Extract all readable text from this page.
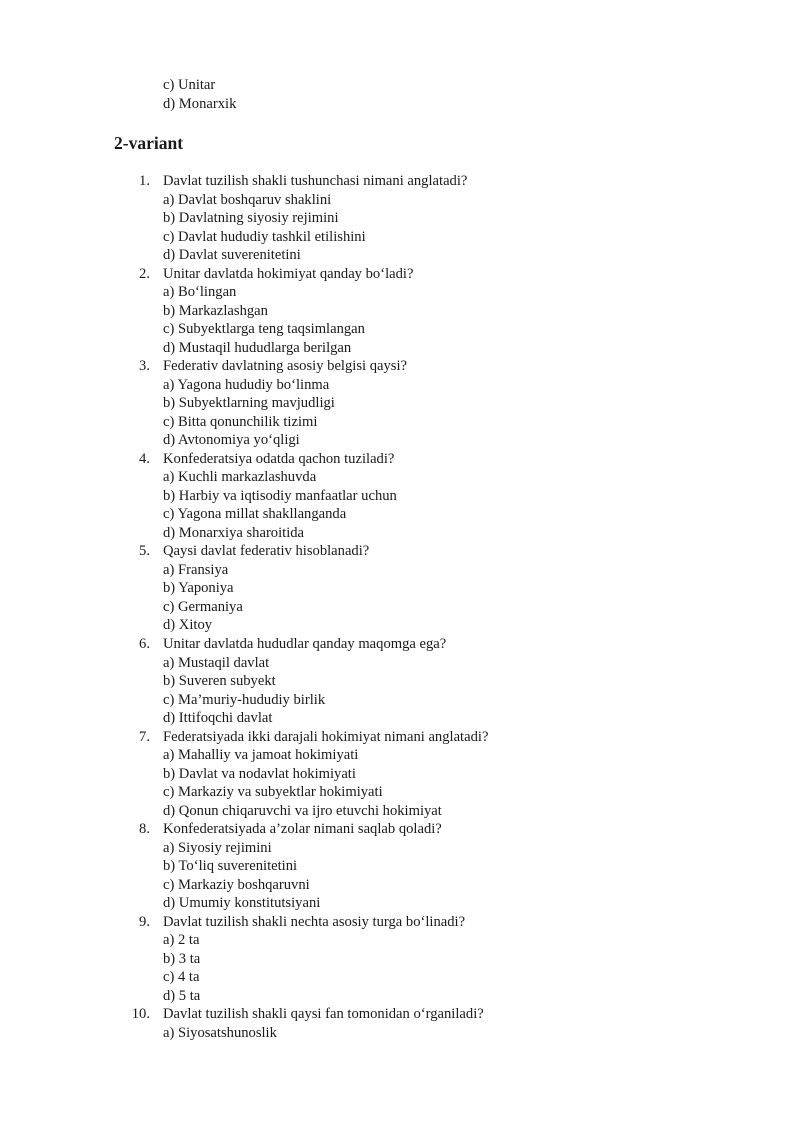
c) Unitar
d) Monarxik
2-variant
1. Davlat tuzilish shakli tushunchasi nimani anglatadi?
a) Davlat boshqaruv shaklini
b) Davlatning siyosiy rejimini
c) Davlat hududiy tashkil etilishini
d) Davlat suverenitetini
2. Unitar davlatda hokimiyat qanday boʻladi?
a) Boʻlingan
b) Markazlashgan
c) Subyektlarga teng taqsimlangan
d) Mustaqil hududlarga berilgan
3. Federativ davlatning asosiy belgisi qaysi?
a) Yagona hududiy boʻlinma
b) Subyektlarning mavjudligi
c) Bitta qonunchilik tizimi
d) Avtonomiya yoʻqligi
4. Konfederatsiya odatda qachon tuziladi?
a) Kuchli markazlashuvda
b) Harbiy va iqtisodiy manfaatlar uchun
c) Yagona millat shakllanganda
d) Monarxiya sharoitida
5. Qaysi davlat federativ hisoblanadi?
a) Fransiya
b) Yaponiya
c) Germaniya
d) Xitoy
6. Unitar davlatda hududlar qanday maqomga ega?
a) Mustaqil davlat
b) Suveren subyekt
c) Ma’muriy-hududiy birlik
d) Ittifoqchi davlat
7. Federatsiyada ikki darajali hokimiyat nimani anglatadi?
a) Mahalliy va jamoat hokimiyati
b) Davlat va nodavlat hokimiyati
c) Markaziy va subyektlar hokimiyati
d) Qonun chiqaruvchi va ijro etuvchi hokimiyat
8. Konfederatsiyada a’zolar nimani saqlab qoladi?
a) Siyosiy rejimini
b) Toʻliq suverenitetini
c) Markaziy boshqaruvni
d) Umumiy konstitutsiyani
9. Davlat tuzilish shakli nechta asosiy turga boʻlinadi?
a) 2 ta
b) 3 ta
c) 4 ta
d) 5 ta
10. Davlat tuzilish shakli qaysi fan tomonidan oʻrganiladi?
a) Siyosatshunoslik
